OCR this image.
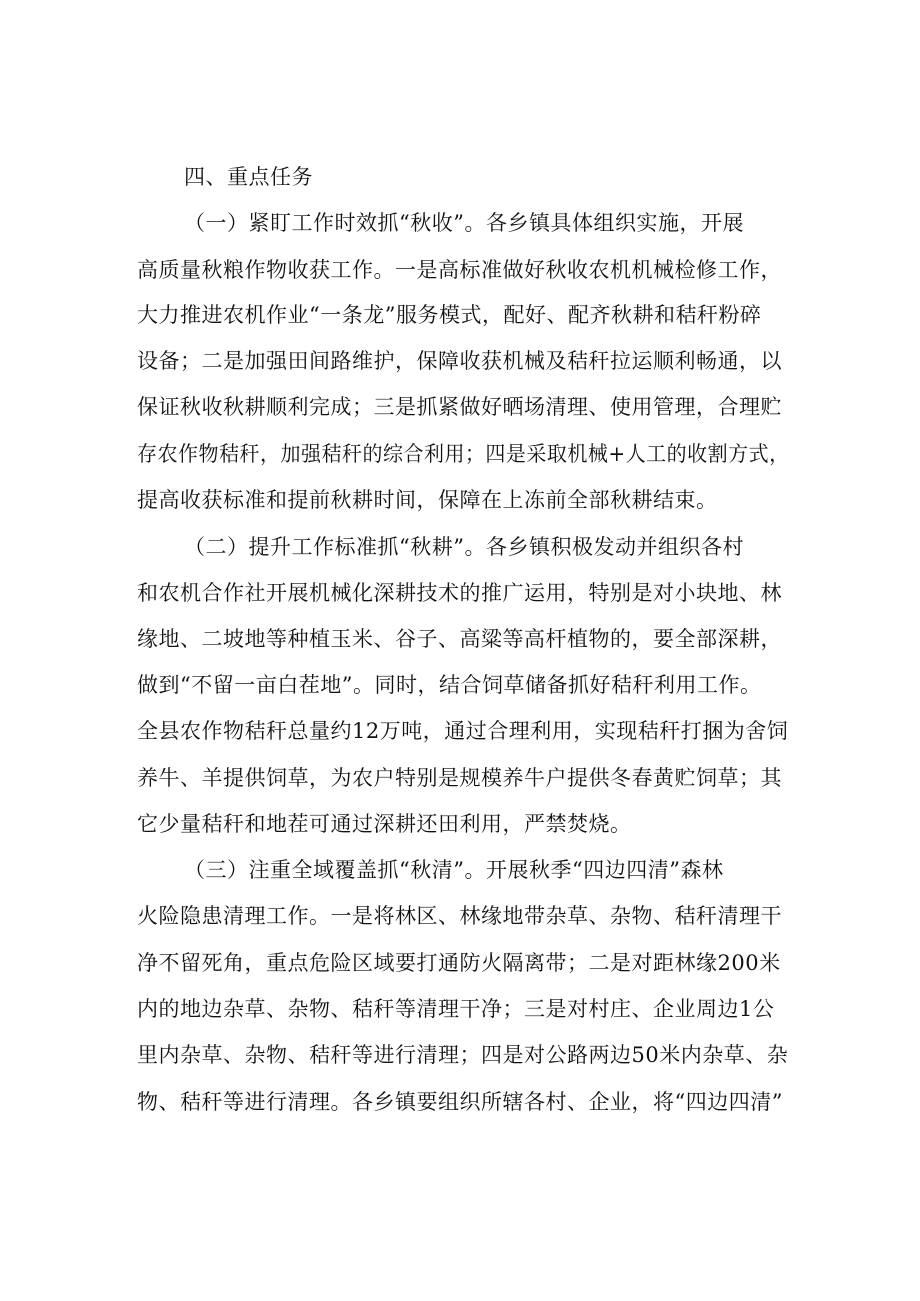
四、重点任务
（一）紧盯工作时效抓“秋收”。各乡镇具体组织实施，开展
高质量秋粮作物收获工作。一是高标准做好秋收农机机械检修工作，
大力推进农机作业“一条龙”服务模式，配好、配齐秋耕和秸秆粉碎
设备；二是加强田间路维护，保障收获机械及秸秆拉运顺利畅通，以
保证秋收秋耕顺利完成；三是抓紧做好晒场清理、使用管理，合理贮
存农作物秸秆，加强秸秆的综合利用；四是采取机械+人工的收割方式，
提高收获标准和提前秋耕时间，保障在上冻前全部秋耕结束。
（二）提升工作标准抓“秋耕”。各乡镇积极发动并组织各村
和农机合作社开展机械化深耕技术的推广运用，特别是对小块地、林
缘地、二坡地等种植玉米、谷子、高粱等高杆植物的，要全部深耕，
做到“不留一亩白茬地”。同时，结合饲草储备抓好秸秆利用工作。
全县农作物秸秆总量约12万吨，通过合理利用，实现秸秆打捆为舍饲
养牛、羊提供饲草，为农户特别是规模养牛户提供冬春黄贮饲草；其
它少量秸秆和地茬可通过深耕还田利用，严禁焚烧。
（三）注重全域覆盖抓“秋清”。开展秋季“四边四清”森林
火险隐患清理工作。一是将林区、林缘地带杂草、杂物、秸秆清理干
净不留死角，重点危险区域要打通防火隔离带；二是对距林缘200米
内的地边杂草、杂物、秸秆等清理干净；三是对村庄、企业周边1公
里内杂草、杂物、秸秆等进行清理；四是对公路两边50米内杂草、杂
物、秸秆等进行清理。各乡镇要组织所辖各村、企业，将“四边四清”
